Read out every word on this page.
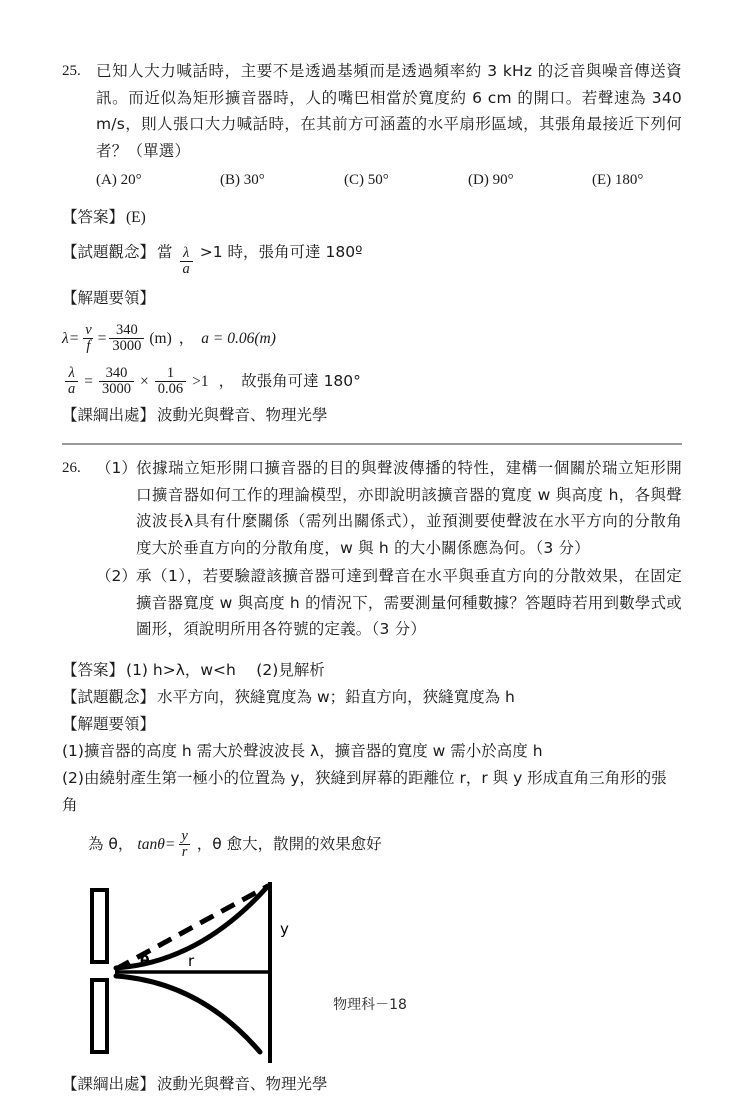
25. 已知人大力喊話時，主要不是透過基頻而是透過頻率約 3 kHz 的泛音與噪音傳送資訊。而近似為矩形擴音器時，人的嘴巴相當於寬度約 6 cm 的開口。若聲速為 340 m/s，則人張口大力喊話時，在其前方可涵蓋的水平扇形區域，其張角最接近下列何者？（單選）
(A) 20°	(B) 30°	(C) 50°	(D) 90°	(E) 180°
【答案】 (E)
【試題觀念】 當 $\frac{\lambda}{a} >1$ 時，張角可達 180º
【解題要領】
$\lambda= \frac{v}{f} = \frac{340}{3000} (m)$ ， a = 0.06(m)
$\frac{\lambda}{a} = \frac{340}{3000} \times \frac{1}{0.06} >1$ ， 故張角可達 180°
【課綱出處】 波動光與聲音、物理光學
26. （1） 依據瑞立矩形開口擴音器的目的與聲波傳播的特性，建構一個關於瑞立矩形開口擴音器如何工作的理論模型，亦即說明該擴音器的寬度 w 與高度 h，各與聲波波長λ具有什麼關係（需列出關係式），並預測要使聲波在水平方向的分散角度大於垂直方向的分散角度，w 與 h 的大小關係應為何。（3 分）
（2） 承（1），若要驗證該擴音器可達到聲音在水平與垂直方向的分散效果，在固定擴音器寬度 w 與高度 h 的情況下，需要測量何種數據？答題時若用到數學式或圖形，須說明所用各符號的定義。（3 分）
【答案】 (1) h>λ，w<h　 (2)見解析
【試題觀念】 水平方向，狹縫寬度為 w；鉛直方向，狹縫寬度為 h
【解題要領】
(1)擴音器的高度 h 需大於聲波波長 λ，擴音器的寬度 w 需小於高度 h
(2)由繞射產生第一極小的位置為 y，狹縫到屏幕的距離位 r，r 與 y 形成直角三角形的張角
為 θ， $\tan\theta= \frac{y}{r}$ ，θ 愈大，散開的效果愈好
θ	r
y
【課綱出處】 波動光與聲音、物理光學
物理科－18
